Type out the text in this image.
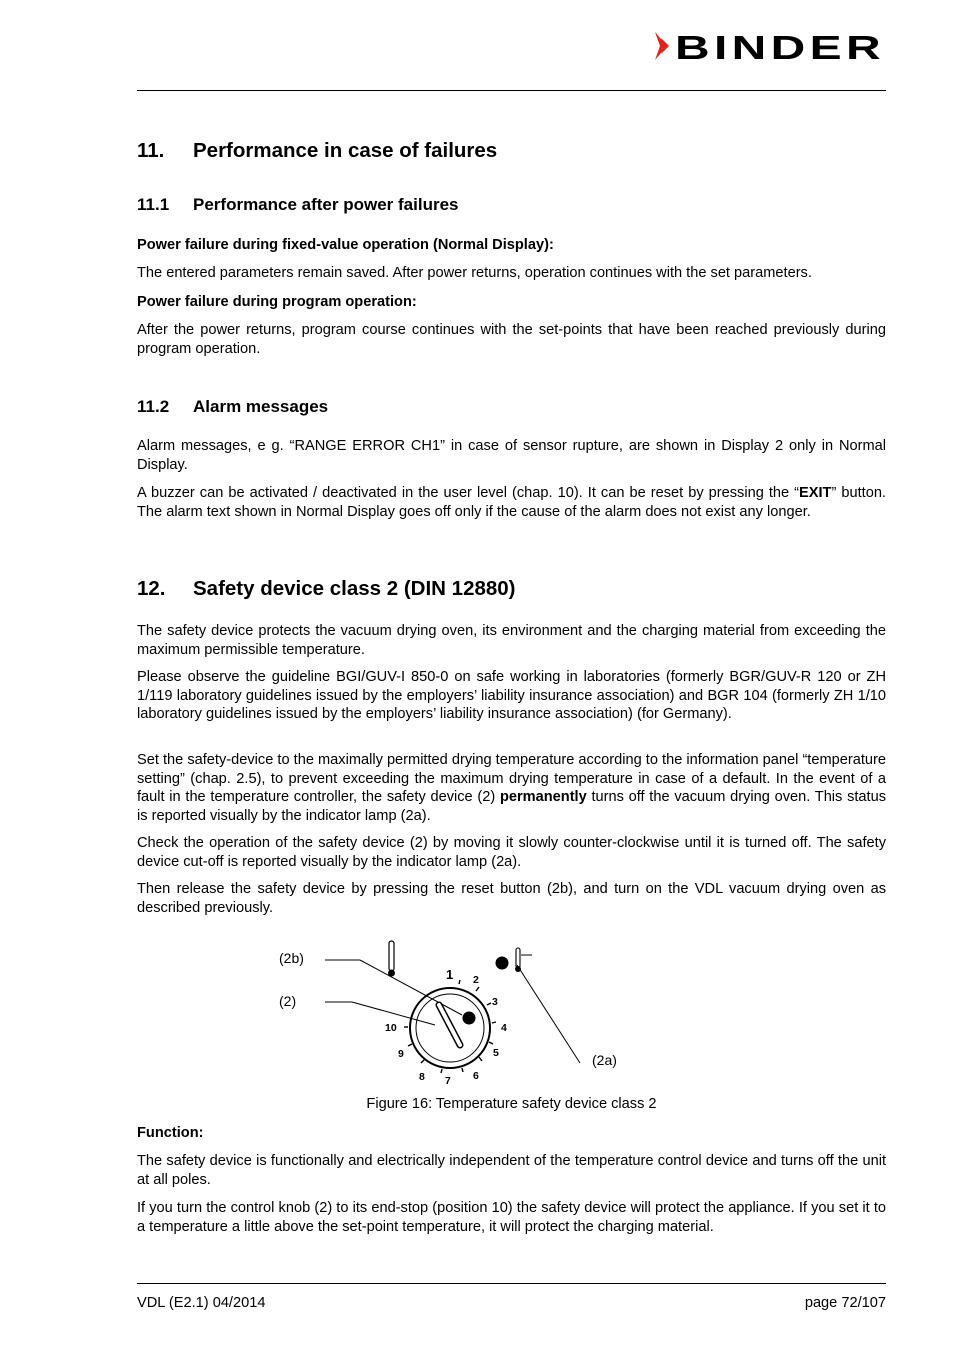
BINDER
11. Performance in case of failures
11.1 Performance after power failures

Power failure during fixed-value operation (Normal Display):

The entered parameters remain saved. After power returns, operation continues with the set parameters.

Power failure during program operation:

After the power returns, program course continues with the set-points that have been reached previously during program operation.

11.2 Alarm messages

Alarm messages, e g. “RANGE ERROR CH1” in case of sensor rupture, are shown in Display 2 only in Normal Display.

A buzzer can be activated / deactivated in the user level (chap. 10). It can be reset by pressing the “EXIT” button. The alarm text shown in Normal Display goes off only if the cause of the alarm does not exist any longer.

12. Safety device class 2 (DIN 12880)

The safety device protects the vacuum drying oven, its environment and the charging material from exceeding the maximum permissible temperature.

Please observe the guideline BGI/GUV-I 850-0 on safe working in laboratories (formerly BGR/GUV-R 120 or ZH 1/119 laboratory guidelines issued by the employers’ liability insurance association) and BGR 104 (formerly ZH 1/10 laboratory guidelines issued by the employers’ liability insurance association) (for Germany).

Set the safety-device to the maximally permitted drying temperature according to the information panel “temperature setting” (chap. 2.5), to prevent exceeding the maximum drying temperature in case of a default. In the event of a fault in the temperature controller, the safety device (2) permanently turns off the vacuum drying oven. This status is reported visually by the indicator lamp (2a).

Check the operation of the safety device (2) by moving it slowly counter-clockwise until it is turned off. The safety device cut-off is reported visually by the indicator lamp (2a).

Then release the safety device by pressing the reset button (2b), and turn on the VDL vacuum drying oven as described previously.

(2b)
(2)
(2a)
1 2
3
4
5
6
7
8
9
10

Figure 16: Temperature safety device class 2

Function:

The safety device is functionally and electrically independent of the temperature control device and turns off the unit at all poles.

If you turn the control knob (2) to its end-stop (position 10) the safety device will protect the appliance. If you set it to a temperature a little above the set-point temperature, it will protect the charging material.

VDL (E2.1) 04/2014	page 72/107
